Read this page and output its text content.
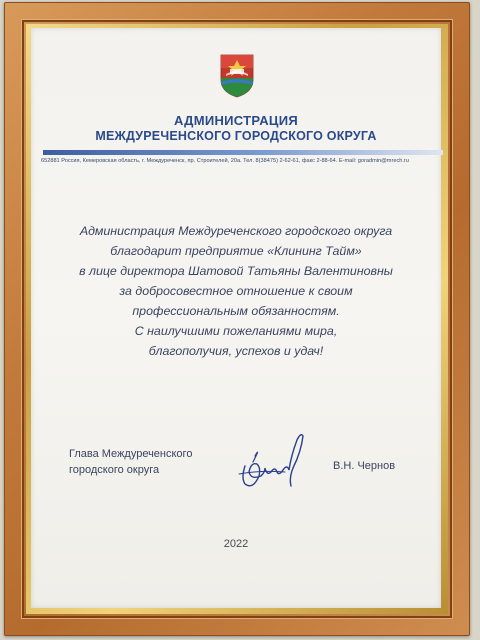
АДМИНИСТРАЦИЯ
МЕЖДУРЕЧЕНСКОГО ГОРОДСКОГО ОКРУГА
652881 Россия, Кемеровская область, г. Междуреченск, пр. Строителей, 20а. Тел. 8(38475) 2-62-61, факс 2-88-64. E-mail: goradmin@mrech.ru
Администрация Междуреченского городского округа
благодарит предприятие «Клининг Тайм»
в лице директора Шатовой Татьяны Валентиновны
за добросовестное отношение к своим
профессиональным обязанностям.
С наилучшими пожеланиями мира,
благополучия, успехов и удач!
Глава Междуреченского
городского округа	В.Н. Чернов
2022
